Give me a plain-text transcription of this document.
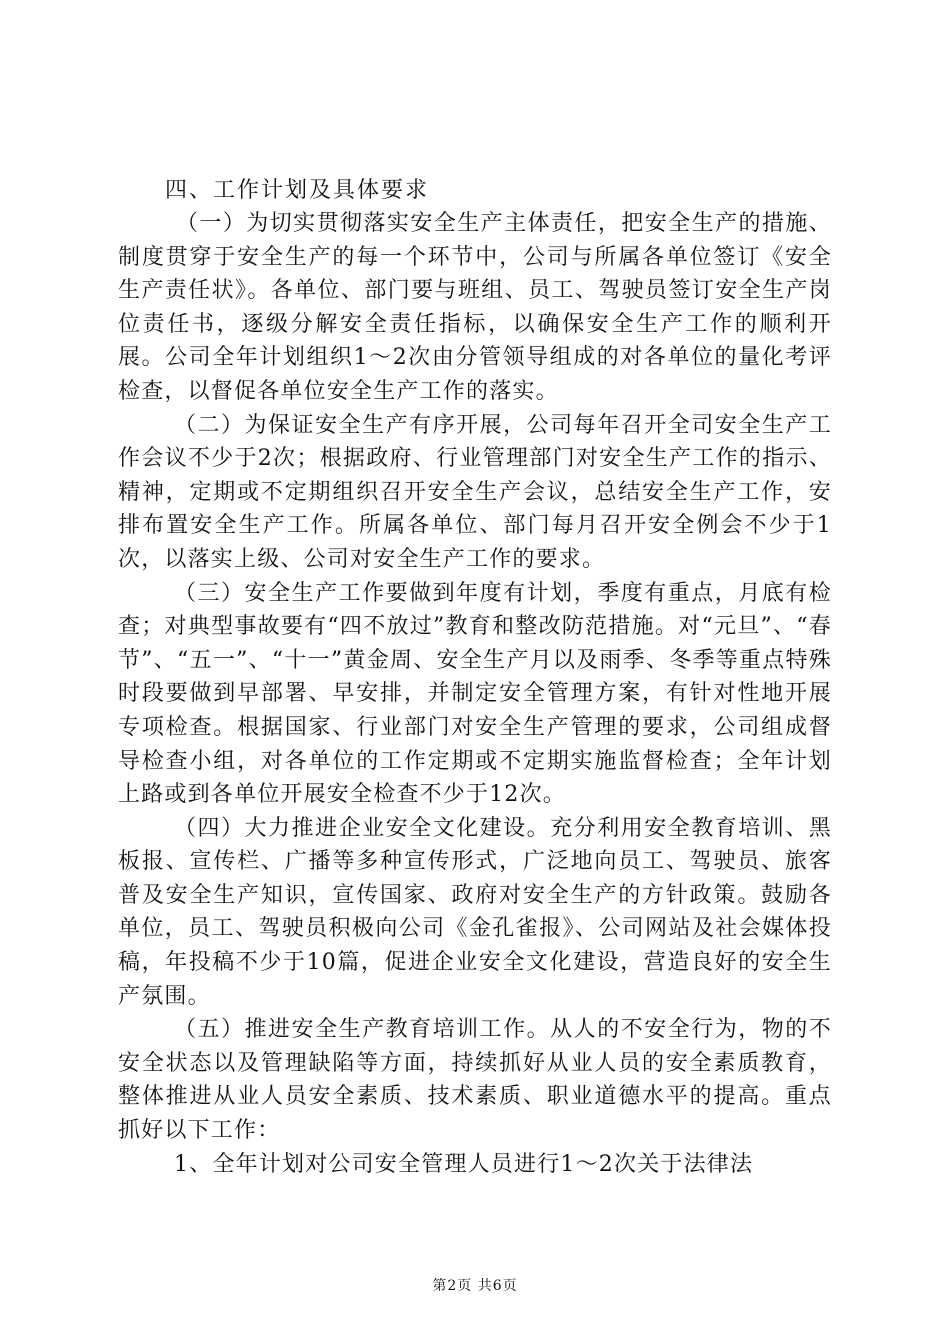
四、工作计划及具体要求

（一）为切实贯彻落实安全生产主体责任，把安全生产的措施、制度贯穿于安全生产的每一个环节中，公司与所属各单位签订《安全生产责任状》。各单位、部门要与班组、员工、驾驶员签订安全生产岗位责任书，逐级分解安全责任指标，以确保安全生产工作的顺利开展。公司全年计划组织1～2次由分管领导组成的对各单位的量化考评检查，以督促各单位安全生产工作的落实。

（二）为保证安全生产有序开展，公司每年召开全司安全生产工作会议不少于2次；根据政府、行业管理部门对安全生产工作的指示、精神，定期或不定期组织召开安全生产会议，总结安全生产工作，安排布置安全生产工作。所属各单位、部门每月召开安全例会不少于1次，以落实上级、公司对安全生产工作的要求。

（三）安全生产工作要做到年度有计划，季度有重点，月底有检查；对典型事故要有“四不放过”教育和整改防范措施。对“元旦”、“春节”、“五一”、“十一”黄金周、安全生产月以及雨季、冬季等重点特殊时段要做到早部署、早安排，并制定安全管理方案，有针对性地开展专项检查。根据国家、行业部门对安全生产管理的要求，公司组成督导检查小组，对各单位的工作定期或不定期实施监督检查；全年计划上路或到各单位开展安全检查不少于12次。

（四）大力推进企业安全文化建设。充分利用安全教育培训、黑板报、宣传栏、广播等多种宣传形式，广泛地向员工、驾驶员、旅客普及安全生产知识，宣传国家、政府对安全生产的方针政策。鼓励各单位，员工、驾驶员积极向公司《金孔雀报》、公司网站及社会媒体投稿，年投稿不少于10篇，促进企业安全文化建设，营造良好的安全生产氛围。

（五）推进安全生产教育培训工作。从人的不安全行为，物的不安全状态以及管理缺陷等方面，持续抓好从业人员的安全素质教育，整体推进从业人员安全素质、技术素质、职业道德水平的提高。重点抓好以下工作：

1、全年计划对公司安全管理人员进行1～2次关于法律法

第2页 共6页
